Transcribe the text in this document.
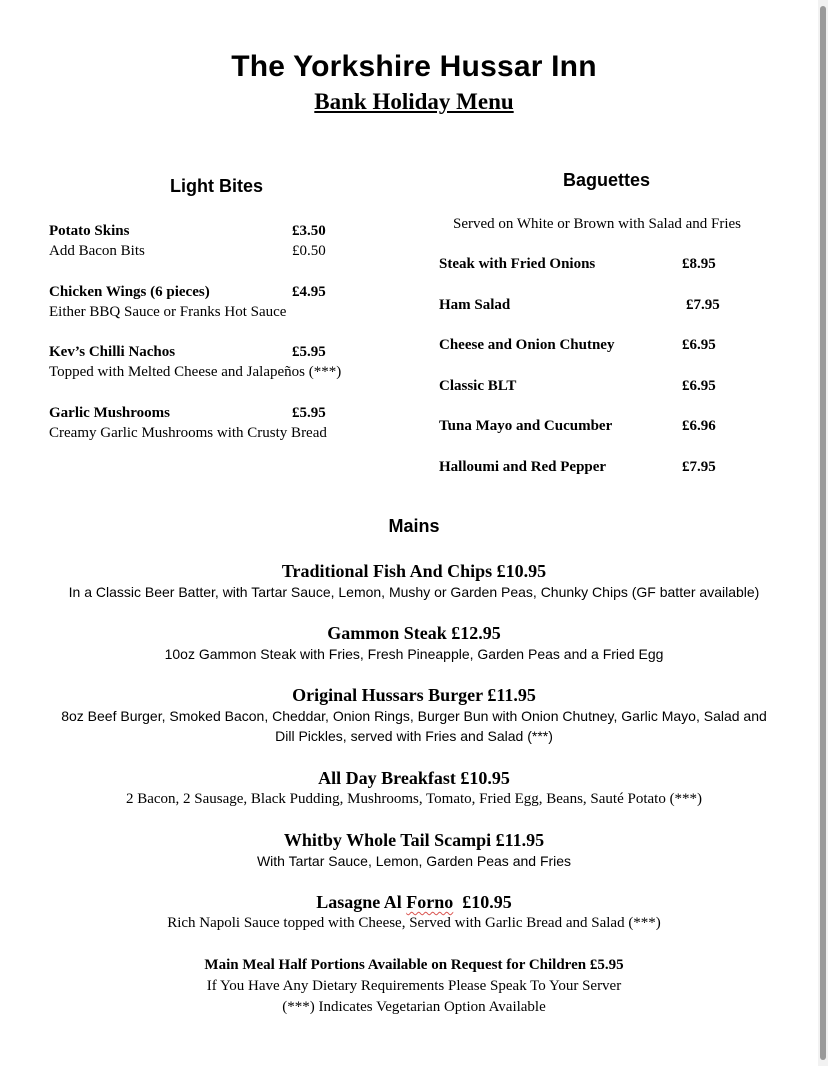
The Yorkshire Hussar Inn
Bank Holiday Menu
Light Bites
Potato Skins	£3.50
Add Bacon Bits	£0.50
Chicken Wings (6 pieces)	£4.95
Either BBQ Sauce or Franks Hot Sauce
Kev’s Chilli Nachos	£5.95
Topped with Melted Cheese and Jalapeños (***)
Garlic Mushrooms	£5.95
Creamy Garlic Mushrooms with Crusty Bread
Baguettes
Served on White or Brown with Salad and Fries
Steak with Fried Onions	£8.95
Ham Salad	£7.95
Cheese and Onion Chutney	£6.95
Classic BLT	£6.95
Tuna Mayo and Cucumber	£6.96
Halloumi and Red Pepper	£7.95
Mains
Traditional Fish And Chips £10.95
In a Classic Beer Batter, with Tartar Sauce, Lemon, Mushy or Garden Peas, Chunky Chips (GF batter available)
Gammon Steak £12.95
10oz Gammon Steak with Fries, Fresh Pineapple, Garden Peas and a Fried Egg
Original Hussars Burger £11.95
8oz Beef Burger, Smoked Bacon, Cheddar, Onion Rings, Burger Bun with Onion Chutney, Garlic Mayo, Salad and
Dill Pickles, served with Fries and Salad (***)
All Day Breakfast £10.95
2 Bacon, 2 Sausage, Black Pudding, Mushrooms, Tomato, Fried Egg, Beans, Sauté Potato (***)
Whitby Whole Tail Scampi £11.95
With Tartar Sauce, Lemon, Garden Peas and Fries
Lasagne Al Forno  £10.95
Rich Napoli Sauce topped with Cheese, Served with Garlic Bread and Salad (***)
Main Meal Half Portions Available on Request for Children £5.95
If You Have Any Dietary Requirements Please Speak To Your Server
(***) Indicates Vegetarian Option Available
